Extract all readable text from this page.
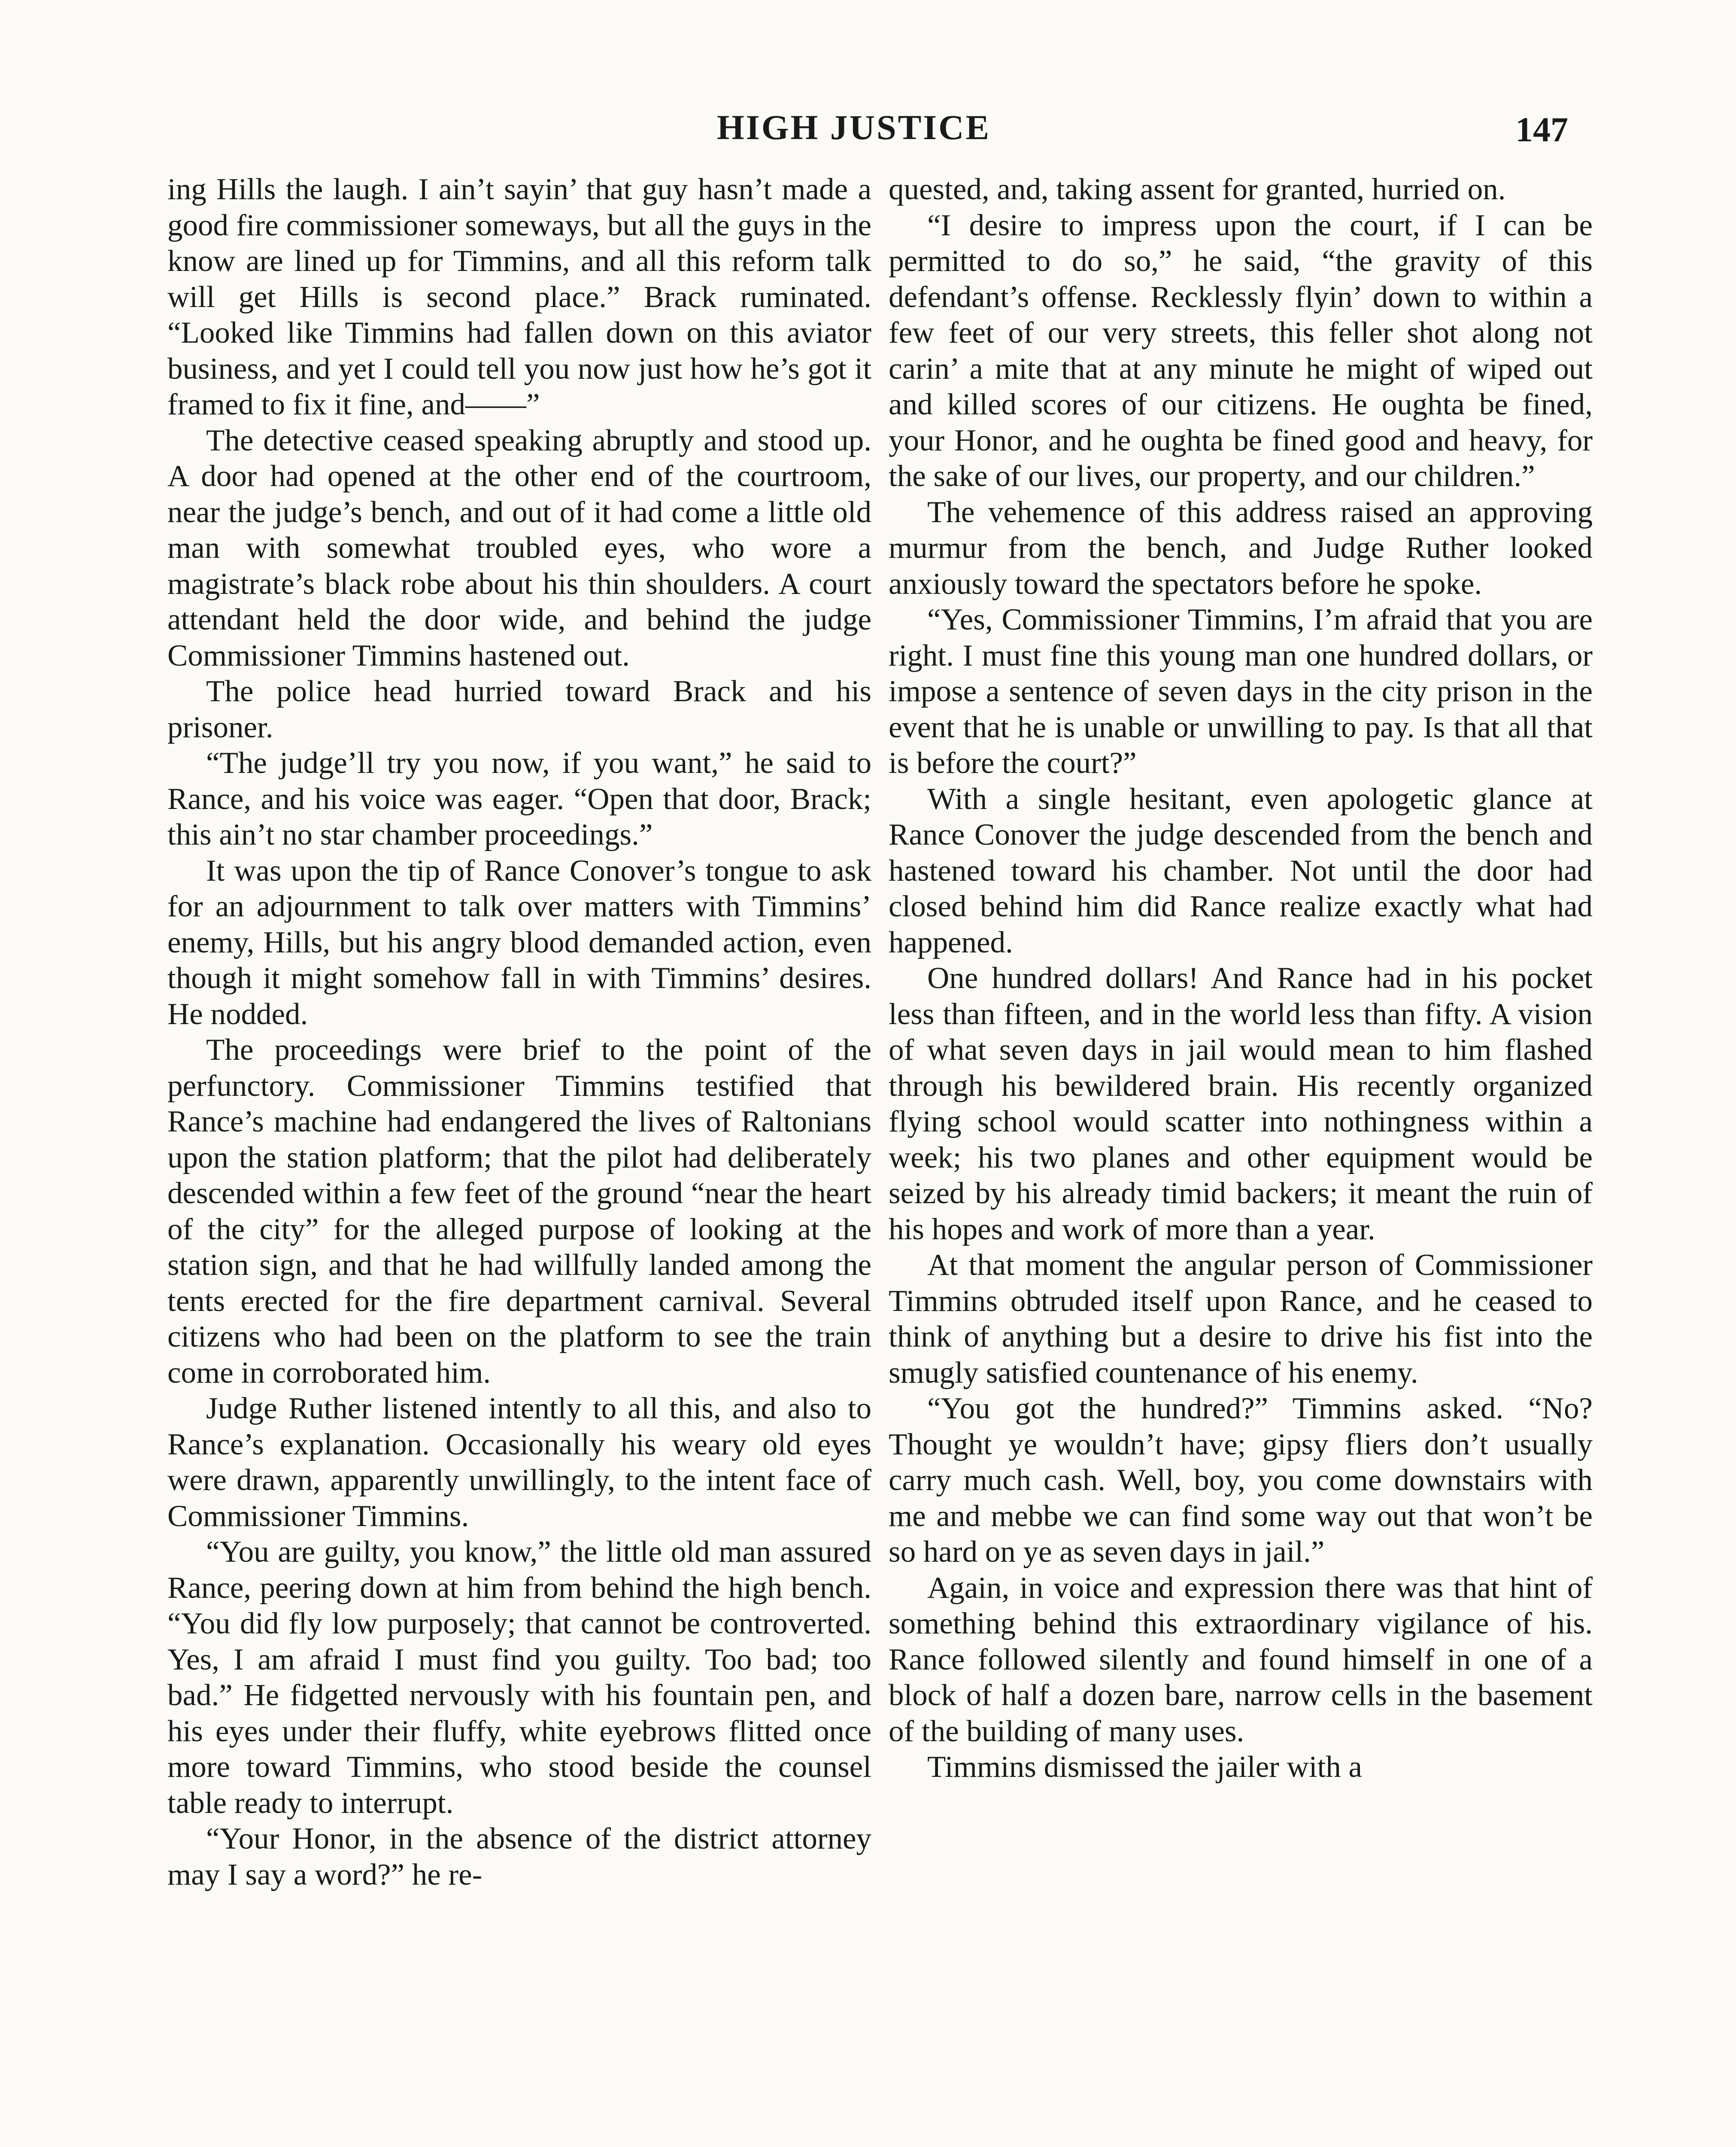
HIGH JUSTICE	147

ing Hills the laugh. I ain’t sayin’ that guy hasn’t made a good fire commissioner someways, but all the guys in the know are lined up for Timmins, and all this reform talk will get Hills is second place.” Brack ruminated. “Looked like Timmins had fallen down on this aviator business, and yet I could tell you now just how he’s got it framed to fix it fine, and——”

The detective ceased speaking abruptly and stood up. A door had opened at the other end of the courtroom, near the judge’s bench, and out of it had come a little old man with somewhat troubled eyes, who wore a magistrate’s black robe about his thin shoulders. A court attendant held the door wide, and behind the judge Commissioner Timmins hastened out.

The police head hurried toward Brack and his prisoner.

“The judge’ll try you now, if you want,” he said to Rance, and his voice was eager. “Open that door, Brack; this ain’t no star chamber proceedings.”

It was upon the tip of Rance Conover’s tongue to ask for an adjournment to talk over matters with Timmins’ enemy, Hills, but his angry blood demanded action, even though it might somehow fall in with Timmins’ desires. He nodded.

The proceedings were brief to the point of the perfunctory. Commissioner Timmins testified that Rance’s machine had endangered the lives of Raltonians upon the station platform; that the pilot had deliberately descended within a few feet of the ground “near the heart of the city” for the alleged purpose of looking at the station sign, and that he had willfully landed among the tents erected for the fire department carnival. Several citizens who had been on the platform to see the train come in corroborated him.

Judge Ruther listened intently to all this, and also to Rance’s explanation. Occasionally his weary old eyes were drawn, apparently unwillingly, to the intent face of Commissioner Timmins.

“You are guilty, you know,” the little old man assured Rance, peering down at him from behind the high bench. “You did fly low purposely; that cannot be controverted. Yes, I am afraid I must find you guilty. Too bad; too bad.” He fidgetted nervously with his fountain pen, and his eyes under their fluffy, white eyebrows flitted once more toward Timmins, who stood beside the counsel table ready to interrupt.

“Your Honor, in the absence of the district attorney may I say a word?” he re-

quested, and, taking assent for granted, hurried on.

“I desire to impress upon the court, if I can be permitted to do so,” he said, “the gravity of this defendant’s offense. Recklessly flyin’ down to within a few feet of our very streets, this feller shot along not carin’ a mite that at any minute he might of wiped out and killed scores of our citizens. He oughta be fined, your Honor, and he oughta be fined good and heavy, for the sake of our lives, our property, and our children.”

The vehemence of this address raised an approving murmur from the bench, and Judge Ruther looked anxiously toward the spectators before he spoke.

“Yes, Commissioner Timmins, I’m afraid that you are right. I must fine this young man one hundred dollars, or impose a sentence of seven days in the city prison in the event that he is unable or unwilling to pay. Is that all that is before the court?”

With a single hesitant, even apologetic glance at Rance Conover the judge descended from the bench and hastened toward his chamber. Not until the door had closed behind him did Rance realize exactly what had happened.

One hundred dollars! And Rance had in his pocket less than fifteen, and in the world less than fifty. A vision of what seven days in jail would mean to him flashed through his bewildered brain. His recently organized flying school would scatter into nothingness within a week; his two planes and other equipment would be seized by his already timid backers; it meant the ruin of his hopes and work of more than a year.

At that moment the angular person of Commissioner Timmins obtruded itself upon Rance, and he ceased to think of anything but a desire to drive his fist into the smugly satisfied countenance of his enemy.

“You got the hundred?” Timmins asked. “No? Thought ye wouldn’t have; gipsy fliers don’t usually carry much cash. Well, boy, you come downstairs with me and mebbe we can find some way out that won’t be so hard on ye as seven days in jail.”

Again, in voice and expression there was that hint of something behind this extraordinary vigilance of his. Rance followed silently and found himself in one of a block of half a dozen bare, narrow cells in the basement of the building of many uses.

Timmins dismissed the jailer with a
